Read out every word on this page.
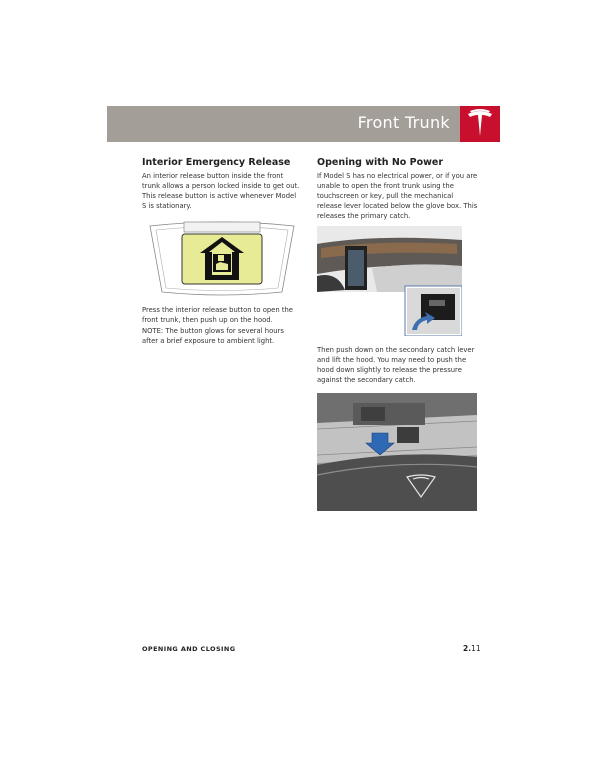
Front Trunk
Interior Emergency Release

An interior release button inside the front trunk allows a person locked inside to get out. This release button is active whenever Model S is stationary.

Press the interior release button to open the front trunk, then push up on the hood.

NOTE: The button glows for several hours after a brief exposure to ambient light.

Opening with No Power

If Model S has no electrical power, or if you are unable to open the front trunk using the touchscreen or key, pull the mechanical release lever located below the glove box. This releases the primary catch.

Then push down on the secondary catch lever and lift the hood. You may need to push the hood down slightly to release the pressure against the secondary catch.

OPENING AND CLOSING	2.11
